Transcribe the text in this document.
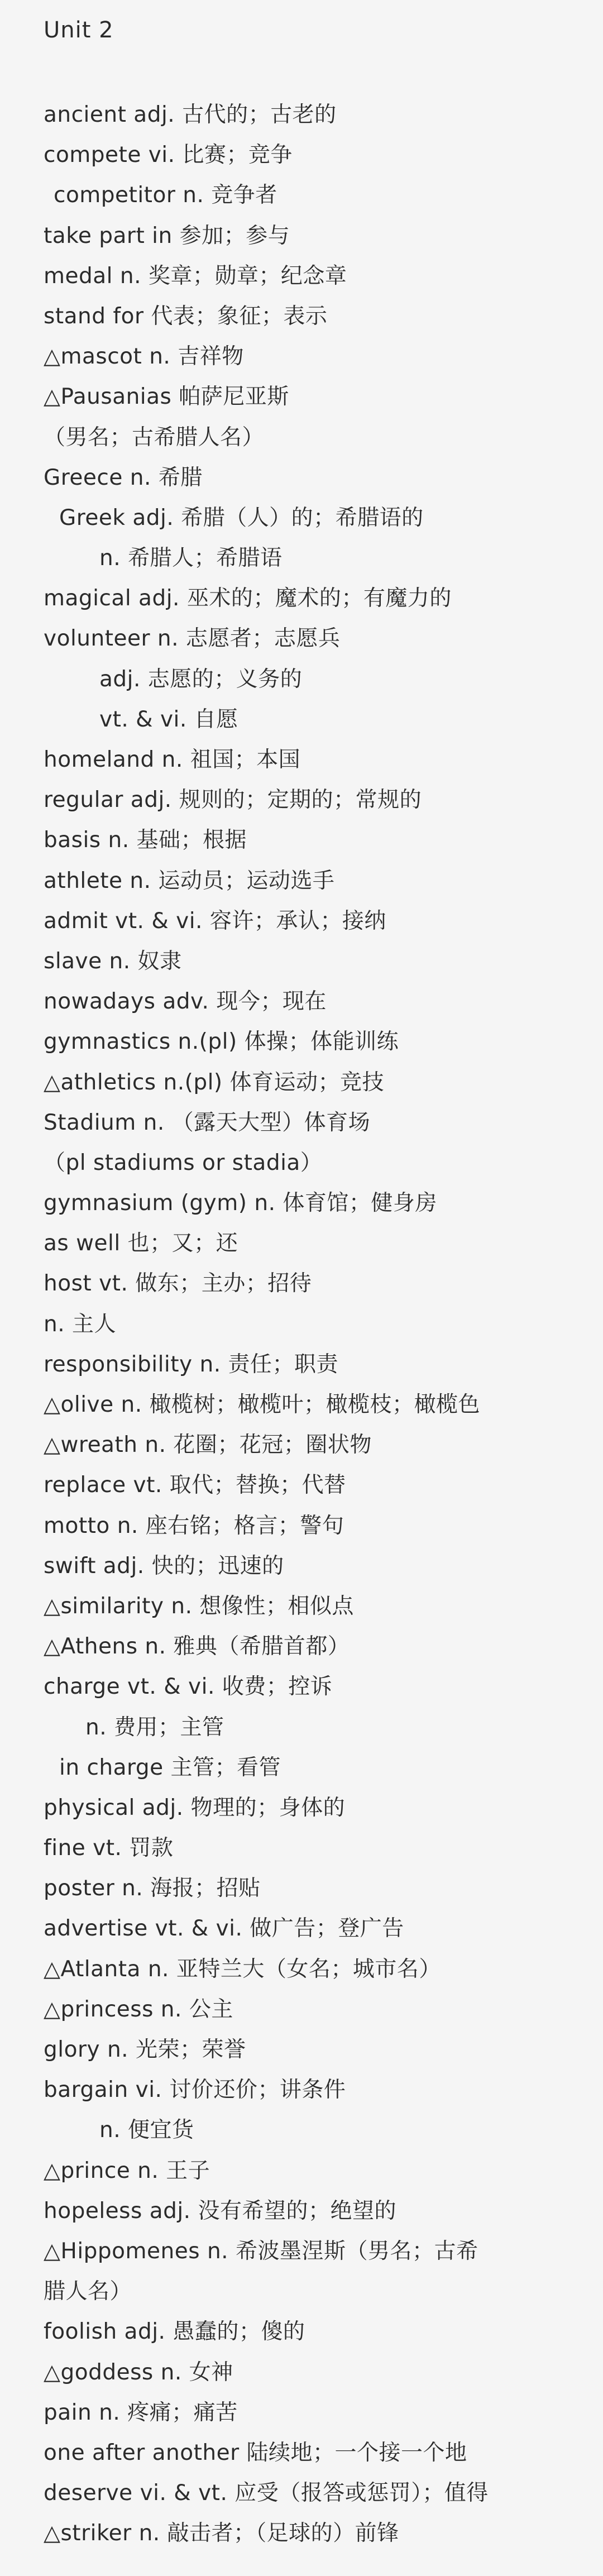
Unit 2
ancient adj. 古代的；古老的
compete vi. 比赛；竞争
competitor n. 竞争者
take part in 参加；参与
medal n. 奖章；勋章；纪念章
stand for 代表；象征；表示
△mascot n. 吉祥物
△Pausanias 帕萨尼亚斯
（男名；古希腊人名）
Greece n. 希腊
Greek adj. 希腊（人）的；希腊语的
n. 希腊人；希腊语
magical adj. 巫术的；魔术的；有魔力的
volunteer n. 志愿者；志愿兵
adj. 志愿的；义务的
vt. & vi. 自愿
homeland n. 祖国；本国
regular adj. 规则的；定期的；常规的
basis n. 基础；根据
athlete n. 运动员；运动选手
admit vt. & vi. 容许；承认；接纳
slave n. 奴隶
nowadays adv. 现今；现在
gymnastics n.(pl) 体操；体能训练
△athletics n.(pl) 体育运动；竞技
Stadium n. （露天大型）体育场
（pl stadiums or stadia）
gymnasium (gym) n. 体育馆；健身房
as well 也；又；还
host vt. 做东；主办；招待
n. 主人
responsibility n. 责任；职责
△olive n. 橄榄树；橄榄叶；橄榄枝；橄榄色
△wreath n. 花圈；花冠；圈状物
replace vt. 取代；替换；代替
motto n. 座右铭；格言；警句
swift adj. 快的；迅速的
△similarity n. 想像性；相似点
△Athens n. 雅典（希腊首都）
charge vt. & vi. 收费；控诉
n. 费用；主管
in charge 主管；看管
physical adj. 物理的；身体的
fine vt. 罚款
poster n. 海报；招贴
advertise vt. & vi. 做广告；登广告
△Atlanta n. 亚特兰大（女名；城市名）
△princess n. 公主
glory n. 光荣；荣誉
bargain vi. 讨价还价；讲条件
n. 便宜货
△prince n. 王子
hopeless adj. 没有希望的；绝望的
△Hippomenes n. 希波墨涅斯（男名；古希
腊人名）
foolish adj. 愚蠢的；傻的
△goddess n. 女神
pain n. 疼痛；痛苦
one after another 陆续地；一个接一个地
deserve vi. & vt. 应受（报答或惩罚）；值得
△striker n. 敲击者；（足球的）前锋
